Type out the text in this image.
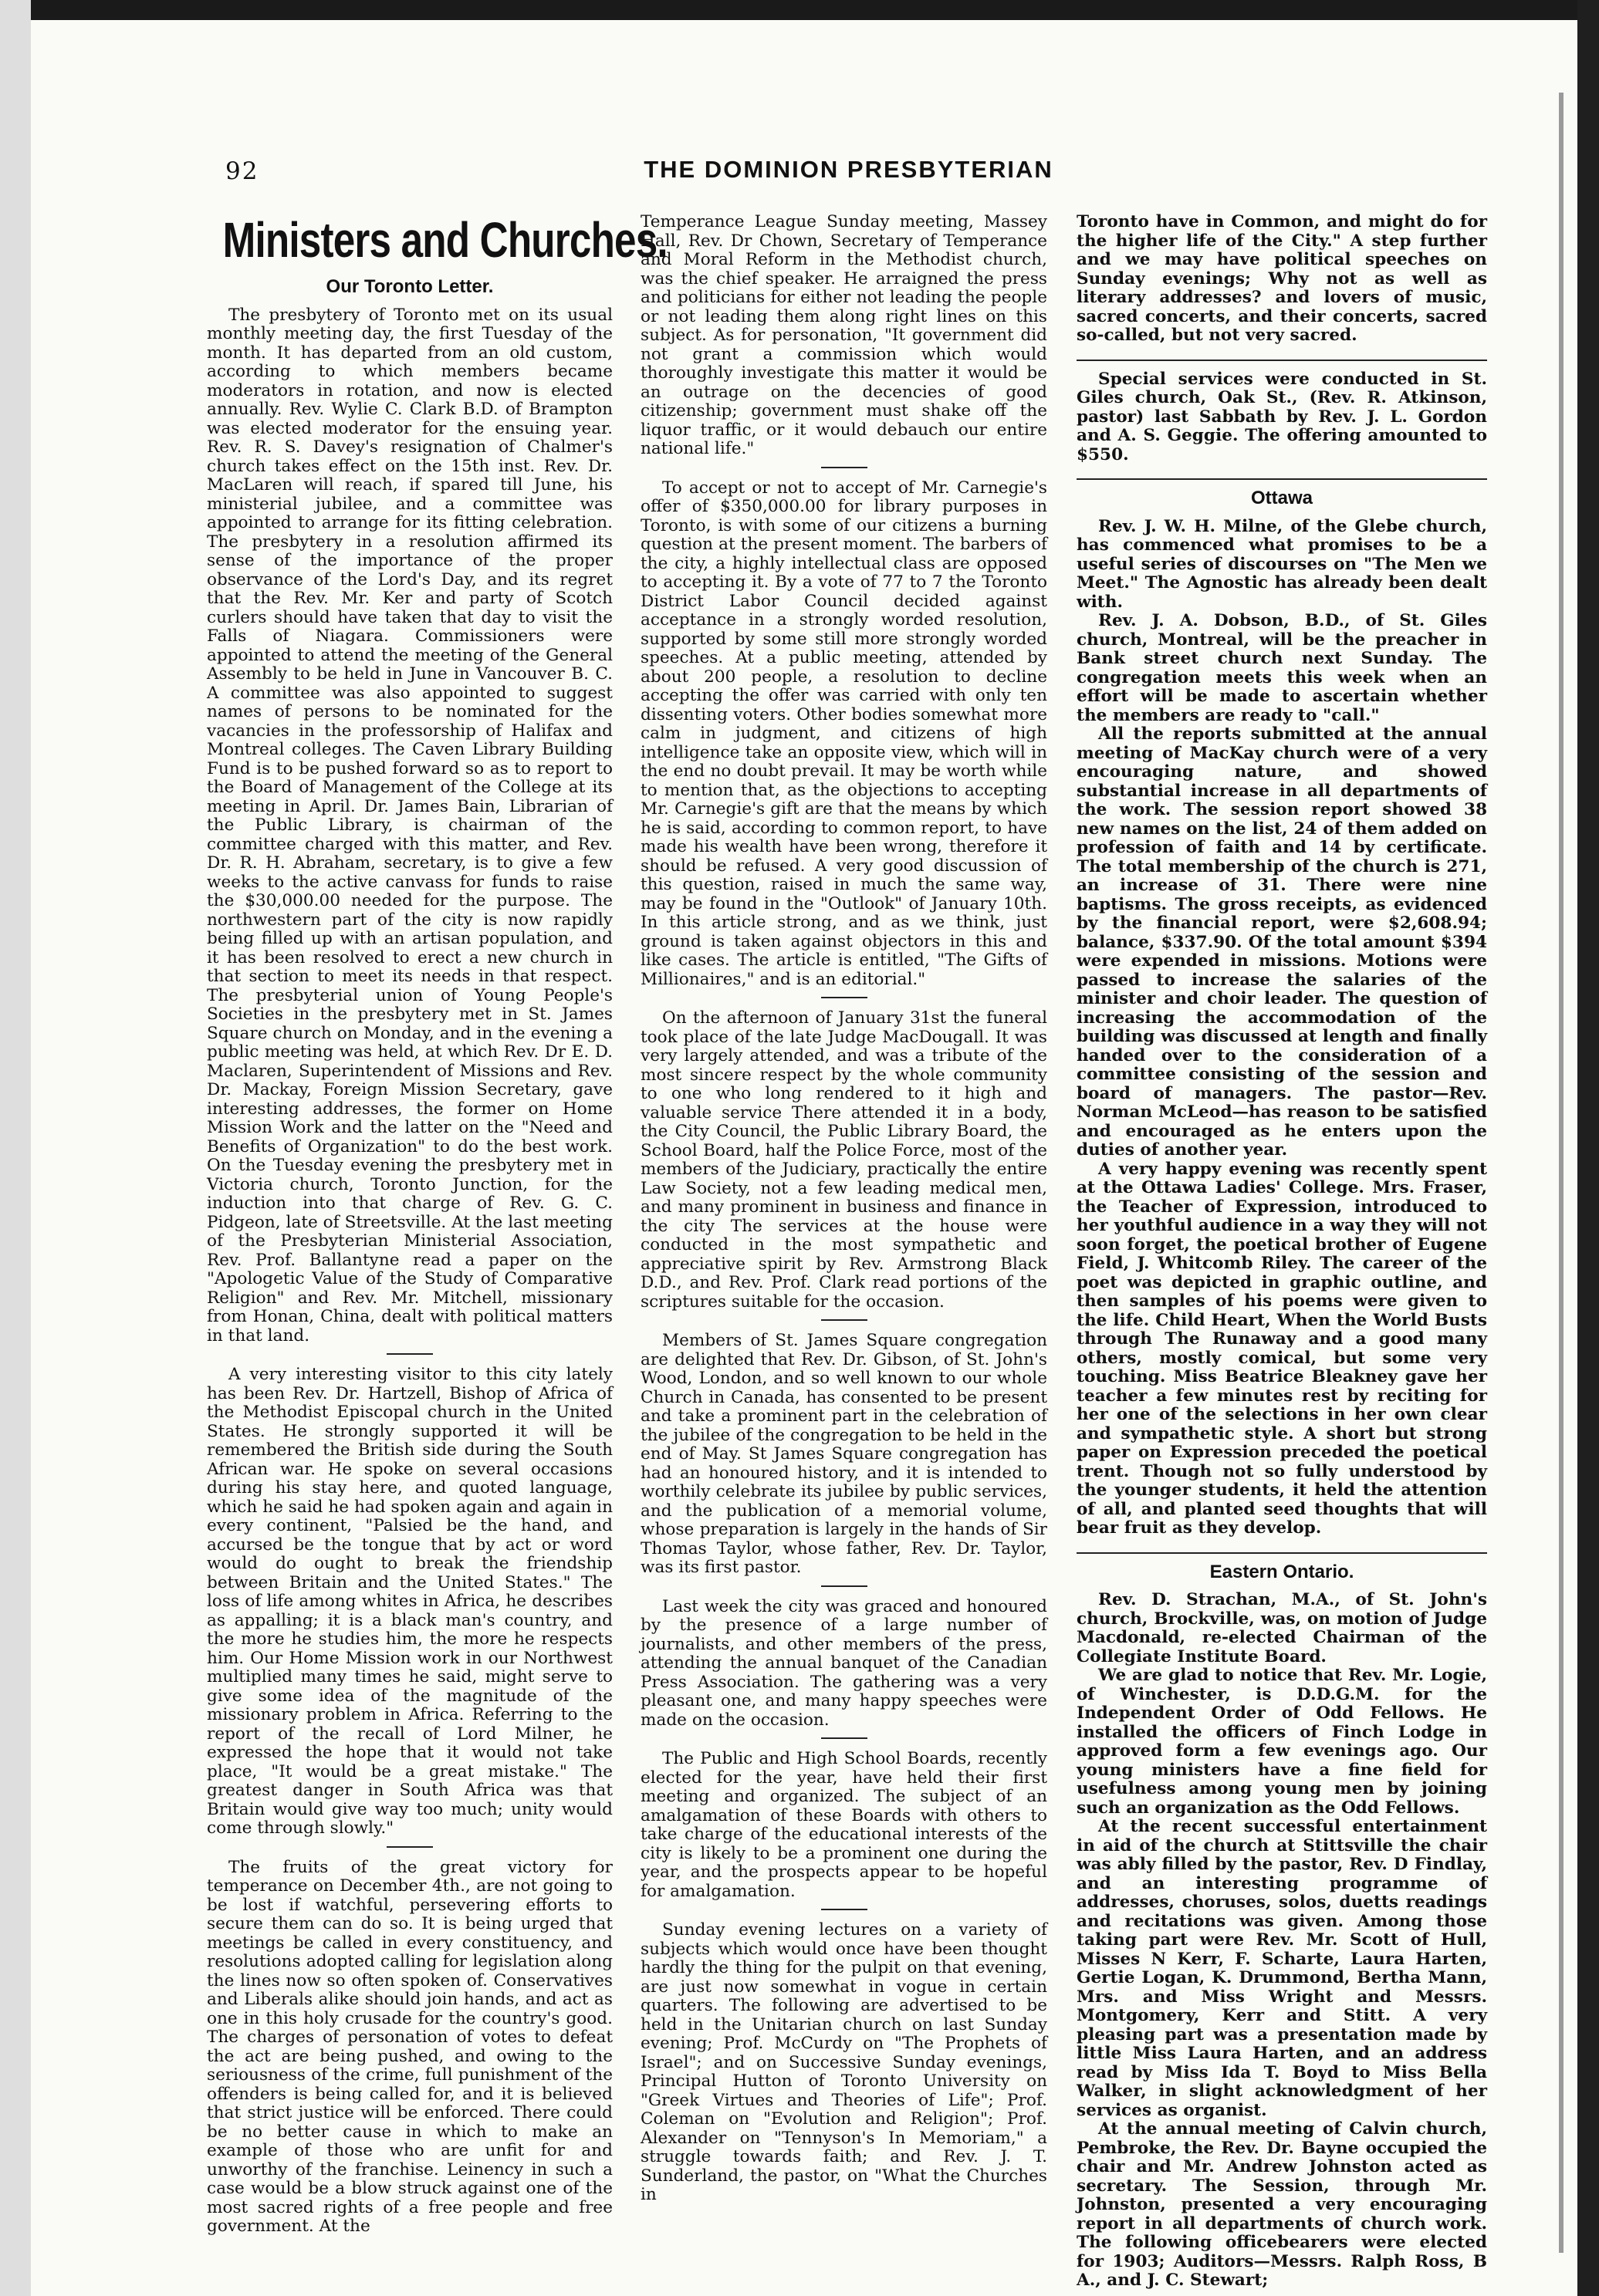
92	THE DOMINION PRESBYTERIAN
Ministers and Churches.
Our Toronto Letter.

The presbytery of Toronto met on its usual monthly meeting day, the first Tuesday of the month. It has departed from an old custom, according to which members became moderators in rotation, and now is elected annually. Rev. Wylie C. Clark B.D. of Brampton was elected moderator for the ensuing year. Rev. R. S. Davey's resignation of Chalmer's church takes effect on the 15th inst. Rev. Dr. MacLaren will reach, if spared till June, his ministerial jubilee, and a committee was appointed to arrange for its fitting celebration. The presbytery in a resolution affirmed its sense of the importance of the proper observance of the Lord's Day, and its regret that the Rev. Mr. Ker and party of Scotch curlers should have taken that day to visit the Falls of Niagara. Commissioners were appointed to attend the meeting of the General Assembly to be held in June in Vancouver B. C. A committee was also appointed to suggest names of persons to be nominated for the vacancies in the professorship of Halifax and Montreal colleges. The Caven Library Building Fund is to be pushed forward so as to report to the Board of Management of the College at its meeting in April. Dr. James Bain, Librarian of the Public Library, is chairman of the committee charged with this matter, and Rev. Dr. R. H. Abraham, secretary, is to give a few weeks to the active canvass for funds to raise the $30,000.00 needed for the purpose. The northwestern part of the city is now rapidly being filled up with an artisan population, and it has been resolved to erect a new church in that section to meet its needs in that respect. The presbyterial union of Young People's Societies in the presbytery met in St. James Square church on Monday, and in the evening a public meeting was held, at which Rev. Dr E. D. Maclaren, Superintendent of Missions and Rev. Dr. Mackay, Foreign Mission Secretary, gave interesting addresses, the former on Home Mission Work and the latter on the "Need and Benefits of Organization" to do the best work. On the Tuesday evening the presbytery met in Victoria church, Toronto Junction, for the induction into that charge of Rev. G. C. Pidgeon, late of Streetsville. At the last meeting of the Presbyterian Ministerial Association, Rev. Prof. Ballantyne read a paper on the "Apologetic Value of the Study of Comparative Religion" and Rev. Mr. Mitchell, missionary from Honan, China, dealt with political matters in that land.

A very interesting visitor to this city lately has been Rev. Dr. Hartzell, Bishop of Africa of the Methodist Episcopal church in the United States. He strongly supported it will be remembered the British side during the South African war. He spoke on several occasions during his stay here, and quoted language, which he said he had spoken again and again in every continent, "Palsied be the hand, and accursed be the tongue that by act or word would do ought to break the friendship between Britain and the United States." The loss of life among whites in Africa, he describes as appalling; it is a black man's country, and the more he studies him, the more he respects him. Our Home Mission work in our Northwest multiplied many times he said, might serve to give some idea of the magnitude of the missionary problem in Africa. Referring to the report of the recall of Lord Milner, he expressed the hope that it would not take place, "It would be a great mistake." The greatest danger in South Africa was that Britain would give way too much; unity would come through slowly."

The fruits of the great victory for temperance on December 4th., are not going to be lost if watchful, persevering efforts to secure them can do so. It is being urged that meetings be called in every constituency, and resolutions adopted calling for legislation along the lines now so often spoken of. Conservatives and Liberals alike should join hands, and act as one in this holy crusade for the country's good. The charges of personation of votes to defeat the act are being pushed, and owing to the seriousness of the crime, full punishment of the offenders is being called for, and it is believed that strict justice will be enforced. There could be no better cause in which to make an example of those who are unfit for and unworthy of the franchise. Leinency in such a case would be a blow struck against one of the most sacred rights of a free people and free government. At the

Temperance League Sunday meeting, Massey Hall, Rev. Dr Chown, Secretary of Temperance and Moral Reform in the Methodist church, was the chief speaker. He arraigned the press and politicians for either not leading the people or not leading them along right lines on this subject. As for personation, "It government did not grant a commission which would thoroughly investigate this matter it would be an outrage on the decencies of good citizenship; government must shake off the liquor traffic, or it would debauch our entire national life."

To accept or not to accept of Mr. Carnegie's offer of $350,000.00 for library purposes in Toronto, is with some of our citizens a burning question at the present moment. The barbers of the city, a highly intellectual class are opposed to accepting it. By a vote of 77 to 7 the Toronto District Labor Council decided against acceptance in a strongly worded resolution, supported by some still more strongly worded speeches. At a public meeting, attended by about 200 people, a resolution to decline accepting the offer was carried with only ten dissenting voters. Other bodies somewhat more calm in judgment, and citizens of high intelligence take an opposite view, which will in the end no doubt prevail. It may be worth while to mention that, as the objections to accepting Mr. Carnegie's gift are that the means by which he is said, according to common report, to have made his wealth have been wrong, therefore it should be refused. A very good discussion of this question, raised in much the same way, may be found in the "Outlook" of January 10th. In this article strong, and as we think, just ground is taken against objectors in this and like cases. The article is entitled, "The Gifts of Millionaires," and is an editorial."

On the afternoon of January 31st the funeral took place of the late Judge MacDougall. It was very largely attended, and was a tribute of the most sincere respect by the whole community to one who long rendered to it high and valuable service There attended it in a body, the City Council, the Public Library Board, the School Board, half the Police Force, most of the members of the Judiciary, practically the entire Law Society, not a few leading medical men, and many prominent in business and finance in the city The services at the house were conducted in the most sympathetic and appreciative spirit by Rev. Armstrong Black D.D., and Rev. Prof. Clark read portions of the scriptures suitable for the occasion.

Members of St. James Square congregation are delighted that Rev. Dr. Gibson, of St. John's Wood, London, and so well known to our whole Church in Canada, has consented to be present and take a prominent part in the celebration of the jubilee of the congregation to be held in the end of May. St James Square congregation has had an honoured history, and it is intended to worthily celebrate its jubilee by public services, and the publication of a memorial volume, whose preparation is largely in the hands of Sir Thomas Taylor, whose father, Rev. Dr. Taylor, was its first pastor.

Last week the city was graced and honoured by the presence of a large number of journalists, and other members of the press, attending the annual banquet of the Canadian Press Association. The gathering was a very pleasant one, and many happy speeches were made on the occasion.

The Public and High School Boards, recently elected for the year, have held their first meeting and organized. The subject of an amalgamation of these Boards with others to take charge of the educational interests of the city is likely to be a prominent one during the year, and the prospects appear to be hopeful for amalgamation.

Sunday evening lectures on a variety of subjects which would once have been thought hardly the thing for the pulpit on that evening, are just now somewhat in vogue in certain quarters. The following are advertised to be held in the Unitarian church on last Sunday evening; Prof. McCurdy on "The Prophets of Israel"; and on Successive Sunday evenings, Principal Hutton of Toronto University on "Greek Virtues and Theories of Life"; Prof. Coleman on "Evolution and Religion"; Prof. Alexander on "Tennyson's In Memoriam," a struggle towards faith; and Rev. J. T. Sunderland, the pastor, on "What the Churches in

Toronto have in Common, and might do for the higher life of the City." A step further and we may have political speeches on Sunday evenings; Why not as well as literary addresses? and lovers of music, sacred concerts, and their concerts, sacred so-called, but not very sacred.

Special services were conducted in St. Giles church, Oak St., (Rev. R. Atkinson, pastor) last Sabbath by Rev. J. L. Gordon and A. S. Geggie. The offering amounted to $550.

Ottawa

Rev. J. W. H. Milne, of the Glebe church, has commenced what promises to be a useful series of discourses on "The Men we Meet." The Agnostic has already been dealt with.

Rev. J. A. Dobson, B.D., of St. Giles church, Montreal, will be the preacher in Bank street church next Sunday. The congregation meets this week when an effort will be made to ascertain whether the members are ready to "call."

All the reports submitted at the annual meeting of MacKay church were of a very encouraging nature, and showed substantial increase in all departments of the work. The session report showed 38 new names on the list, 24 of them added on profession of faith and 14 by certificate. The total membership of the church is 271, an increase of 31. There were nine baptisms. The gross receipts, as evidenced by the financial report, were $2,608.94; balance, $337.90. Of the total amount $394 were expended in missions. Motions were passed to increase the salaries of the minister and choir leader. The question of increasing the accommodation of the building was discussed at length and finally handed over to the consideration of a committee consisting of the session and board of managers. The pastor—Rev. Norman McLeod—has reason to be satisfied and encouraged as he enters upon the duties of another year.

A very happy evening was recently spent at the Ottawa Ladies' College. Mrs. Fraser, the Teacher of Expression, introduced to her youthful audience in a way they will not soon forget, the poetical brother of Eugene Field, J. Whitcomb Riley. The career of the poet was depicted in graphic outline, and then samples of his poems were given to the life. Child Heart, When the World Busts through The Runaway and a good many others, mostly comical, but some very touching. Miss Beatrice Bleakney gave her teacher a few minutes rest by reciting for her one of the selections in her own clear and sympathetic style. A short but strong paper on Expression preceded the poetical trent. Though not so fully understood by the younger students, it held the attention of all, and planted seed thoughts that will bear fruit as they develop.

Eastern Ontario.

Rev. D. Strachan, M.A., of St. John's church, Brockville, was, on motion of Judge Macdonald, re-elected Chairman of the Collegiate Institute Board.

We are glad to notice that Rev. Mr. Logie, of Winchester, is D.D.G.M. for the Independent Order of Odd Fellows. He installed the officers of Finch Lodge in approved form a few evenings ago. Our young ministers have a fine field for usefulness among young men by joining such an organization as the Odd Fellows.

At the recent successful entertainment in aid of the church at Stittsville the chair was ably filled by the pastor, Rev. D Findlay, and an interesting programme of addresses, choruses, solos, duetts readings and recitations was given. Among those taking part were Rev. Mr. Scott of Hull, Misses N Kerr, F. Scharte, Laura Harten, Gertie Logan, K. Drummond, Bertha Mann, Mrs. and Miss Wright and Messrs. Montgomery, Kerr and Stitt. A very pleasing part was a presentation made by little Miss Laura Harten, and an address read by Miss Ida T. Boyd to Miss Bella Walker, in slight acknowledgment of her services as organist.

At the annual meeting of Calvin church, Pembroke, the Rev. Dr. Bayne occupied the chair and Mr. Andrew Johnston acted as secretary. The Session, through Mr. Johnston, presented a very encouraging report in all departments of church work. The following officebearers were elected for 1903; Auditors—Messrs. Ralph Ross, B A., and J. C. Stewart;
